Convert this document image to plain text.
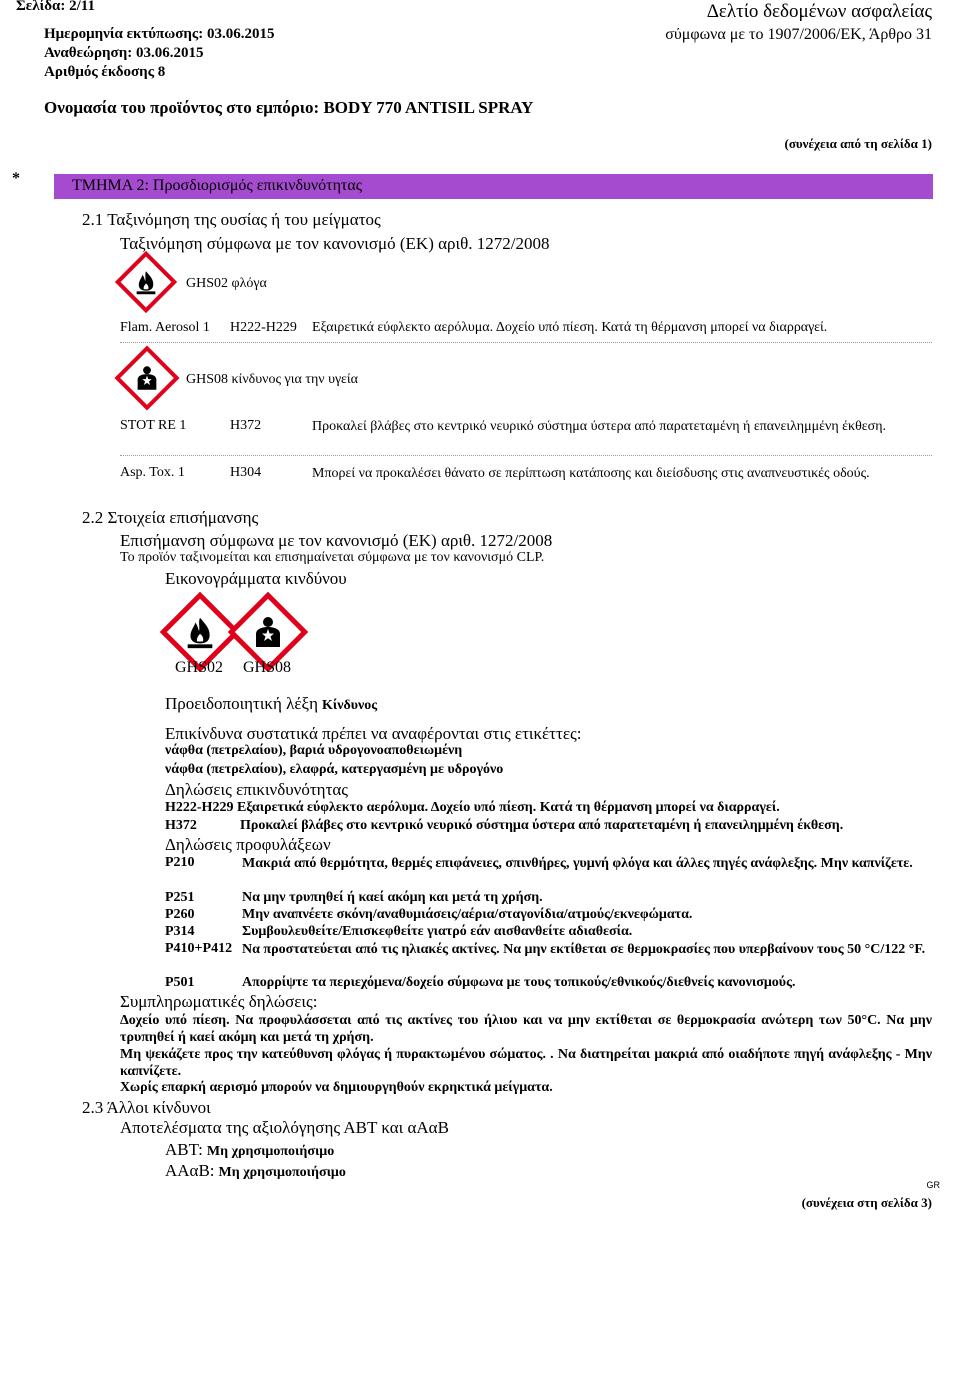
Σελίδα: 2/11
Ημερομηνία εκτύπωσης: 03.06.2015
Αναθεώρηση: 03.06.2015
Αριθμός έκδοσης 8
Δελτίο δεδομένων ασφαλείας
σύμφωνα με το 1907/2006/ΕΚ, Άρθρο 31
Ονομασία του προϊόντος στο εμπόριο: BODY 770 ANTISIL SPRAY
(συνέχεια από τη σελίδα 1)
*	ΤΜΗΜΑ 2: Προσδιορισμός επικινδυνότητας
2.1 Ταξινόμηση της ουσίας ή του μείγματος
Ταξινόμηση σύμφωνα με τον κανονισμό (ΕΚ) αριθ. 1272/2008
GHS02 φλόγα
Flam. Aerosol 1 H222-H229 Εξαιρετικά εύφλεκτο αερόλυμα. Δοχείο υπό πίεση. Κατά τη θέρμανση μπορεί να διαρραγεί.
GHS08 κίνδυνος για την υγεία
STOT RE 1	H372	Προκαλεί βλάβες στο κεντρικό νευρικό σύστημα ύστερα από παρατεταμένη ή επανειλημμένη έκθεση.
Asp. Tox. 1	H304	Μπορεί να προκαλέσει θάνατο σε περίπτωση κατάποσης και διείσδυσης στις αναπνευστικές οδούς.
2.2 Στοιχεία επισήμανσης
Επισήμανση σύμφωνα με τον κανονισμό (ΕΚ) αριθ. 1272/2008
Το προϊόν ταξινομείται και επισημαίνεται σύμφωνα με τον κανονισμό CLP.
Εικονογράμματα κινδύνου
GHS02 GHS08
Προειδοποιητική λέξη Κίνδυνος
Επικίνδυνα συστατικά πρέπει να αναφέρονται στις ετικέττες:
νάφθα (πετρελαίου), βαριά υδρογονοαποθειωμένη
νάφθα (πετρελαίου), ελαφρά, κατεργασμένη με υδρογόνο
Δηλώσεις επικινδυνότητας
H222-H229 Εξαιρετικά εύφλεκτο αερόλυμα. Δοχείο υπό πίεση. Κατά τη θέρμανση μπορεί να διαρραγεί.
H372	Προκαλεί βλάβες στο κεντρικό νευρικό σύστημα ύστερα από παρατεταμένη ή επανειλημμένη έκθεση.
Δηλώσεις προφυλάξεων
P210	Μακριά από θερμότητα, θερμές επιφάνειες, σπινθήρες, γυμνή φλόγα και άλλες πηγές ανάφλεξης. Μην καπνίζετε.
P251	Να μην τρυπηθεί ή καεί ακόμη και μετά τη χρήση.
P260	Μην αναπνέετε σκόνη/αναθυμιάσεις/αέρια/σταγονίδια/ατμούς/εκνεφώματα.
P314	Συμβουλευθείτε/Επισκεφθείτε γιατρό εάν αισθανθείτε αδιαθεσία.
P410+P412 Να προστατεύεται από τις ηλιακές ακτίνες. Να μην εκτίθεται σε θερμοκρασίες που υπερβαίνουν τους 50 °C/122 °F.
P501	Απορρίψτε τα περιεχόμενα/δοχείο σύμφωνα με τους τοπικούς/εθνικούς/διεθνείς κανονισμούς.
Συμπληρωματικές δηλώσεις:
Δοχείο υπό πίεση. Να προφυλάσσεται από τις ακτίνες του ήλιου και να μην εκτίθεται σε θερμοκρασία ανώτερη των 50°C. Να μην τρυπηθεί ή καεί ακόμη και μετά τη χρήση.
Μη ψεκάζετε προς την κατεύθυνση φλόγας ή πυρακτωμένου σώματος. . Να διατηρείται μακριά από οιαδήποτε πηγή ανάφλεξης - Μην καπνίζετε.
Χωρίς επαρκή αερισμό μπορούν να δημιουργηθούν εκρηκτικά μείγματα.
2.3 Άλλοι κίνδυνοι
Αποτελέσματα της αξιολόγησης ΑΒΤ και αΑαΒ
ΑΒΤ: Μη χρησιμοποιήσιμο
ΑΑαΒ: Μη χρησιμοποιήσιμο
GR
(συνέχεια στη σελίδα 3)
